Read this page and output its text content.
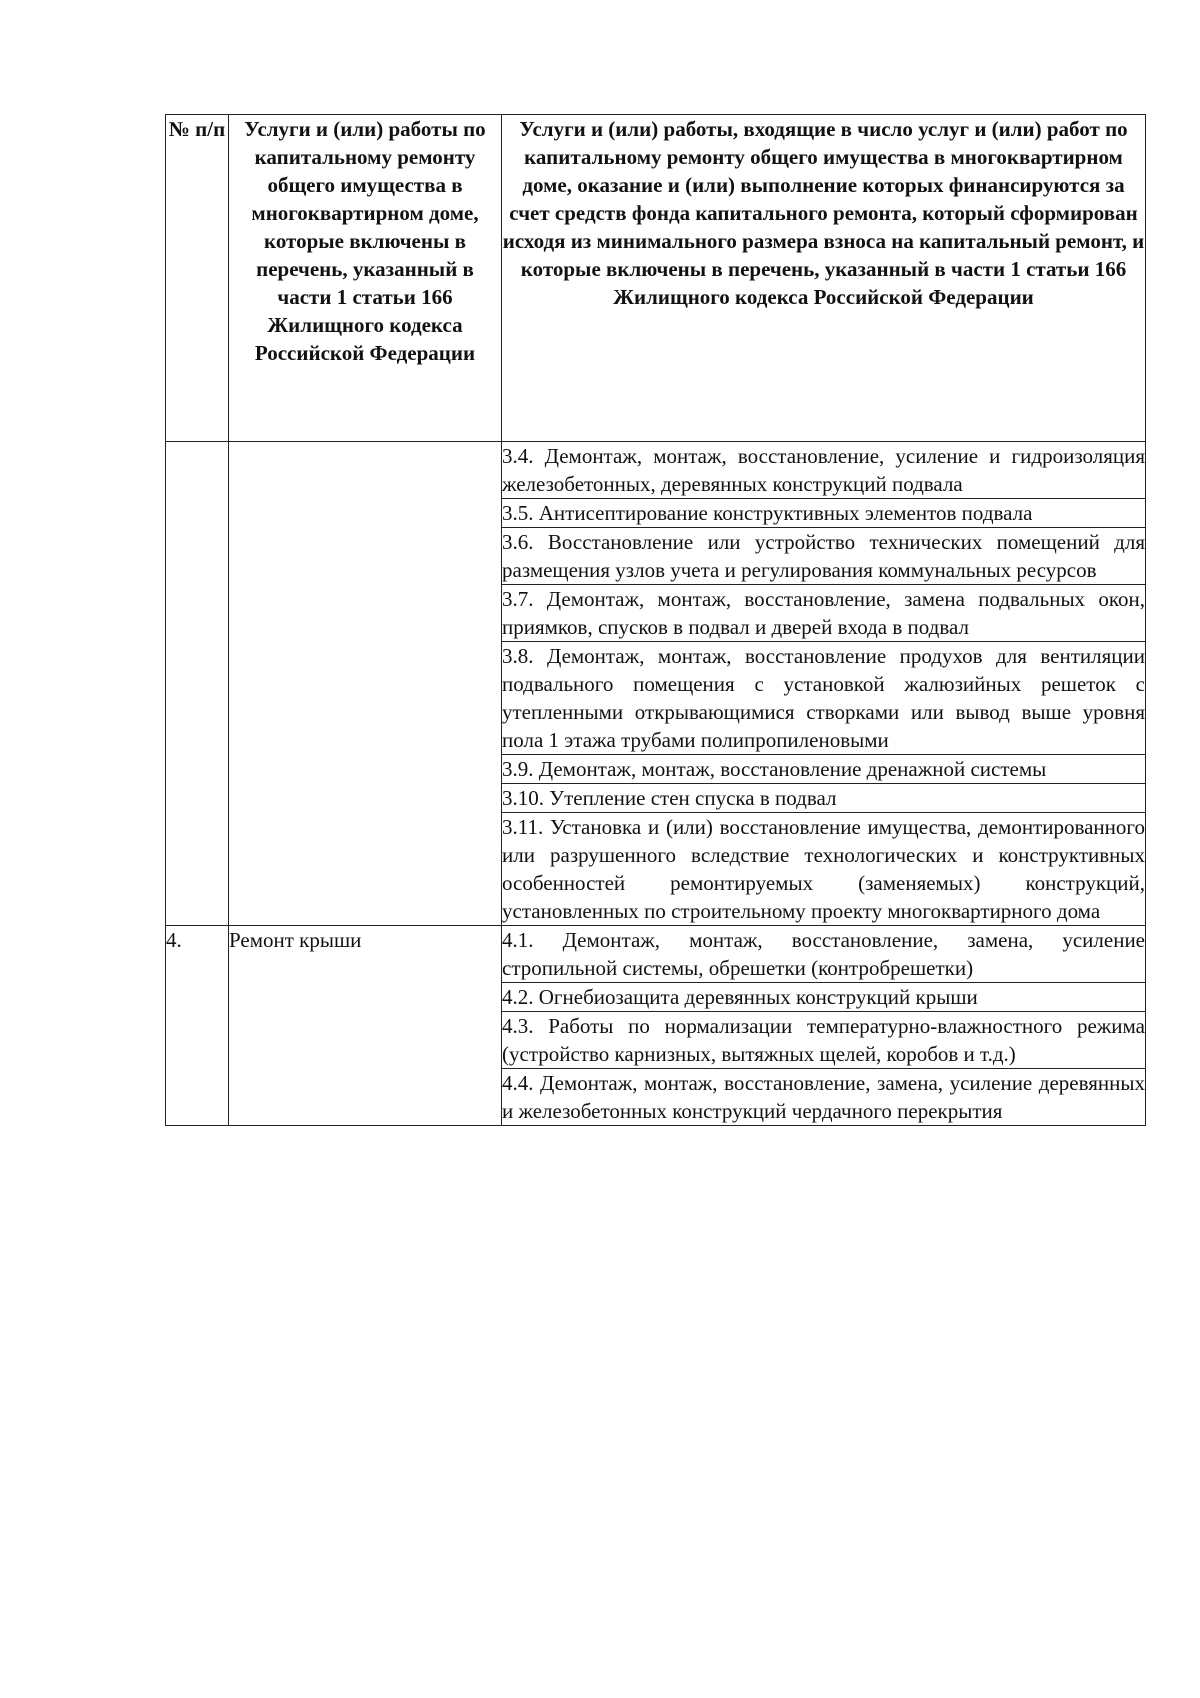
№ п/п	Услуги и (или) работы по капитальному ремонту общего имущества в многоквартирном доме, которые включены в перечень, указанный в части 1 статьи 166 Жилищного кодекса Российской Федерации	Услуги и (или) работы, входящие в число услуг и (или) работ по капитальному ремонту общего имущества в многоквартирном доме, оказание и (или) выполнение которых финансируются за счет средств фонда капитального ремонта, который сформирован исходя из минимального размера взноса на капитальный ремонт, и которые включены в перечень, указанный в части 1 статьи 166 Жилищного кодекса Российской Федерации
		3.4. Демонтаж, монтаж, восстановление, усиление и гидроизоляция железобетонных, деревянных конструкций подвала
		3.5. Антисептирование конструктивных элементов подвала
		3.6. Восстановление или устройство технических помещений для размещения узлов учета и регулирования коммунальных ресурсов
		3.7. Демонтаж, монтаж, восстановление, замена подвальных окон, приямков, спусков в подвал и дверей входа в подвал
		3.8. Демонтаж, монтаж, восстановление продухов для вентиляции подвального помещения с установкой жалюзийных решеток с утепленными открывающимися створками или вывод выше уровня пола 1 этажа трубами полипропиленовыми
		3.9. Демонтаж, монтаж, восстановление дренажной системы
		3.10. Утепление стен спуска в подвал
		3.11. Установка и (или) восстановление имущества, демонтированного или разрушенного вследствие технологических и конструктивных особенностей ремонтируемых (заменяемых) конструкций, установленных по строительному проекту многоквартирного дома
4.	Ремонт крыши	4.1. Демонтаж, монтаж, восстановление, замена, усиление стропильной системы, обрешетки (контробрешетки)
		4.2. Огнебиозащита деревянных конструкций крыши
		4.3. Работы по нормализации температурно-влажностного режима (устройство карнизных, вытяжных щелей, коробов и т.д.)
		4.4. Демонтаж, монтаж, восстановление, замена, усиление деревянных и железобетонных конструкций чердачного перекрытия
